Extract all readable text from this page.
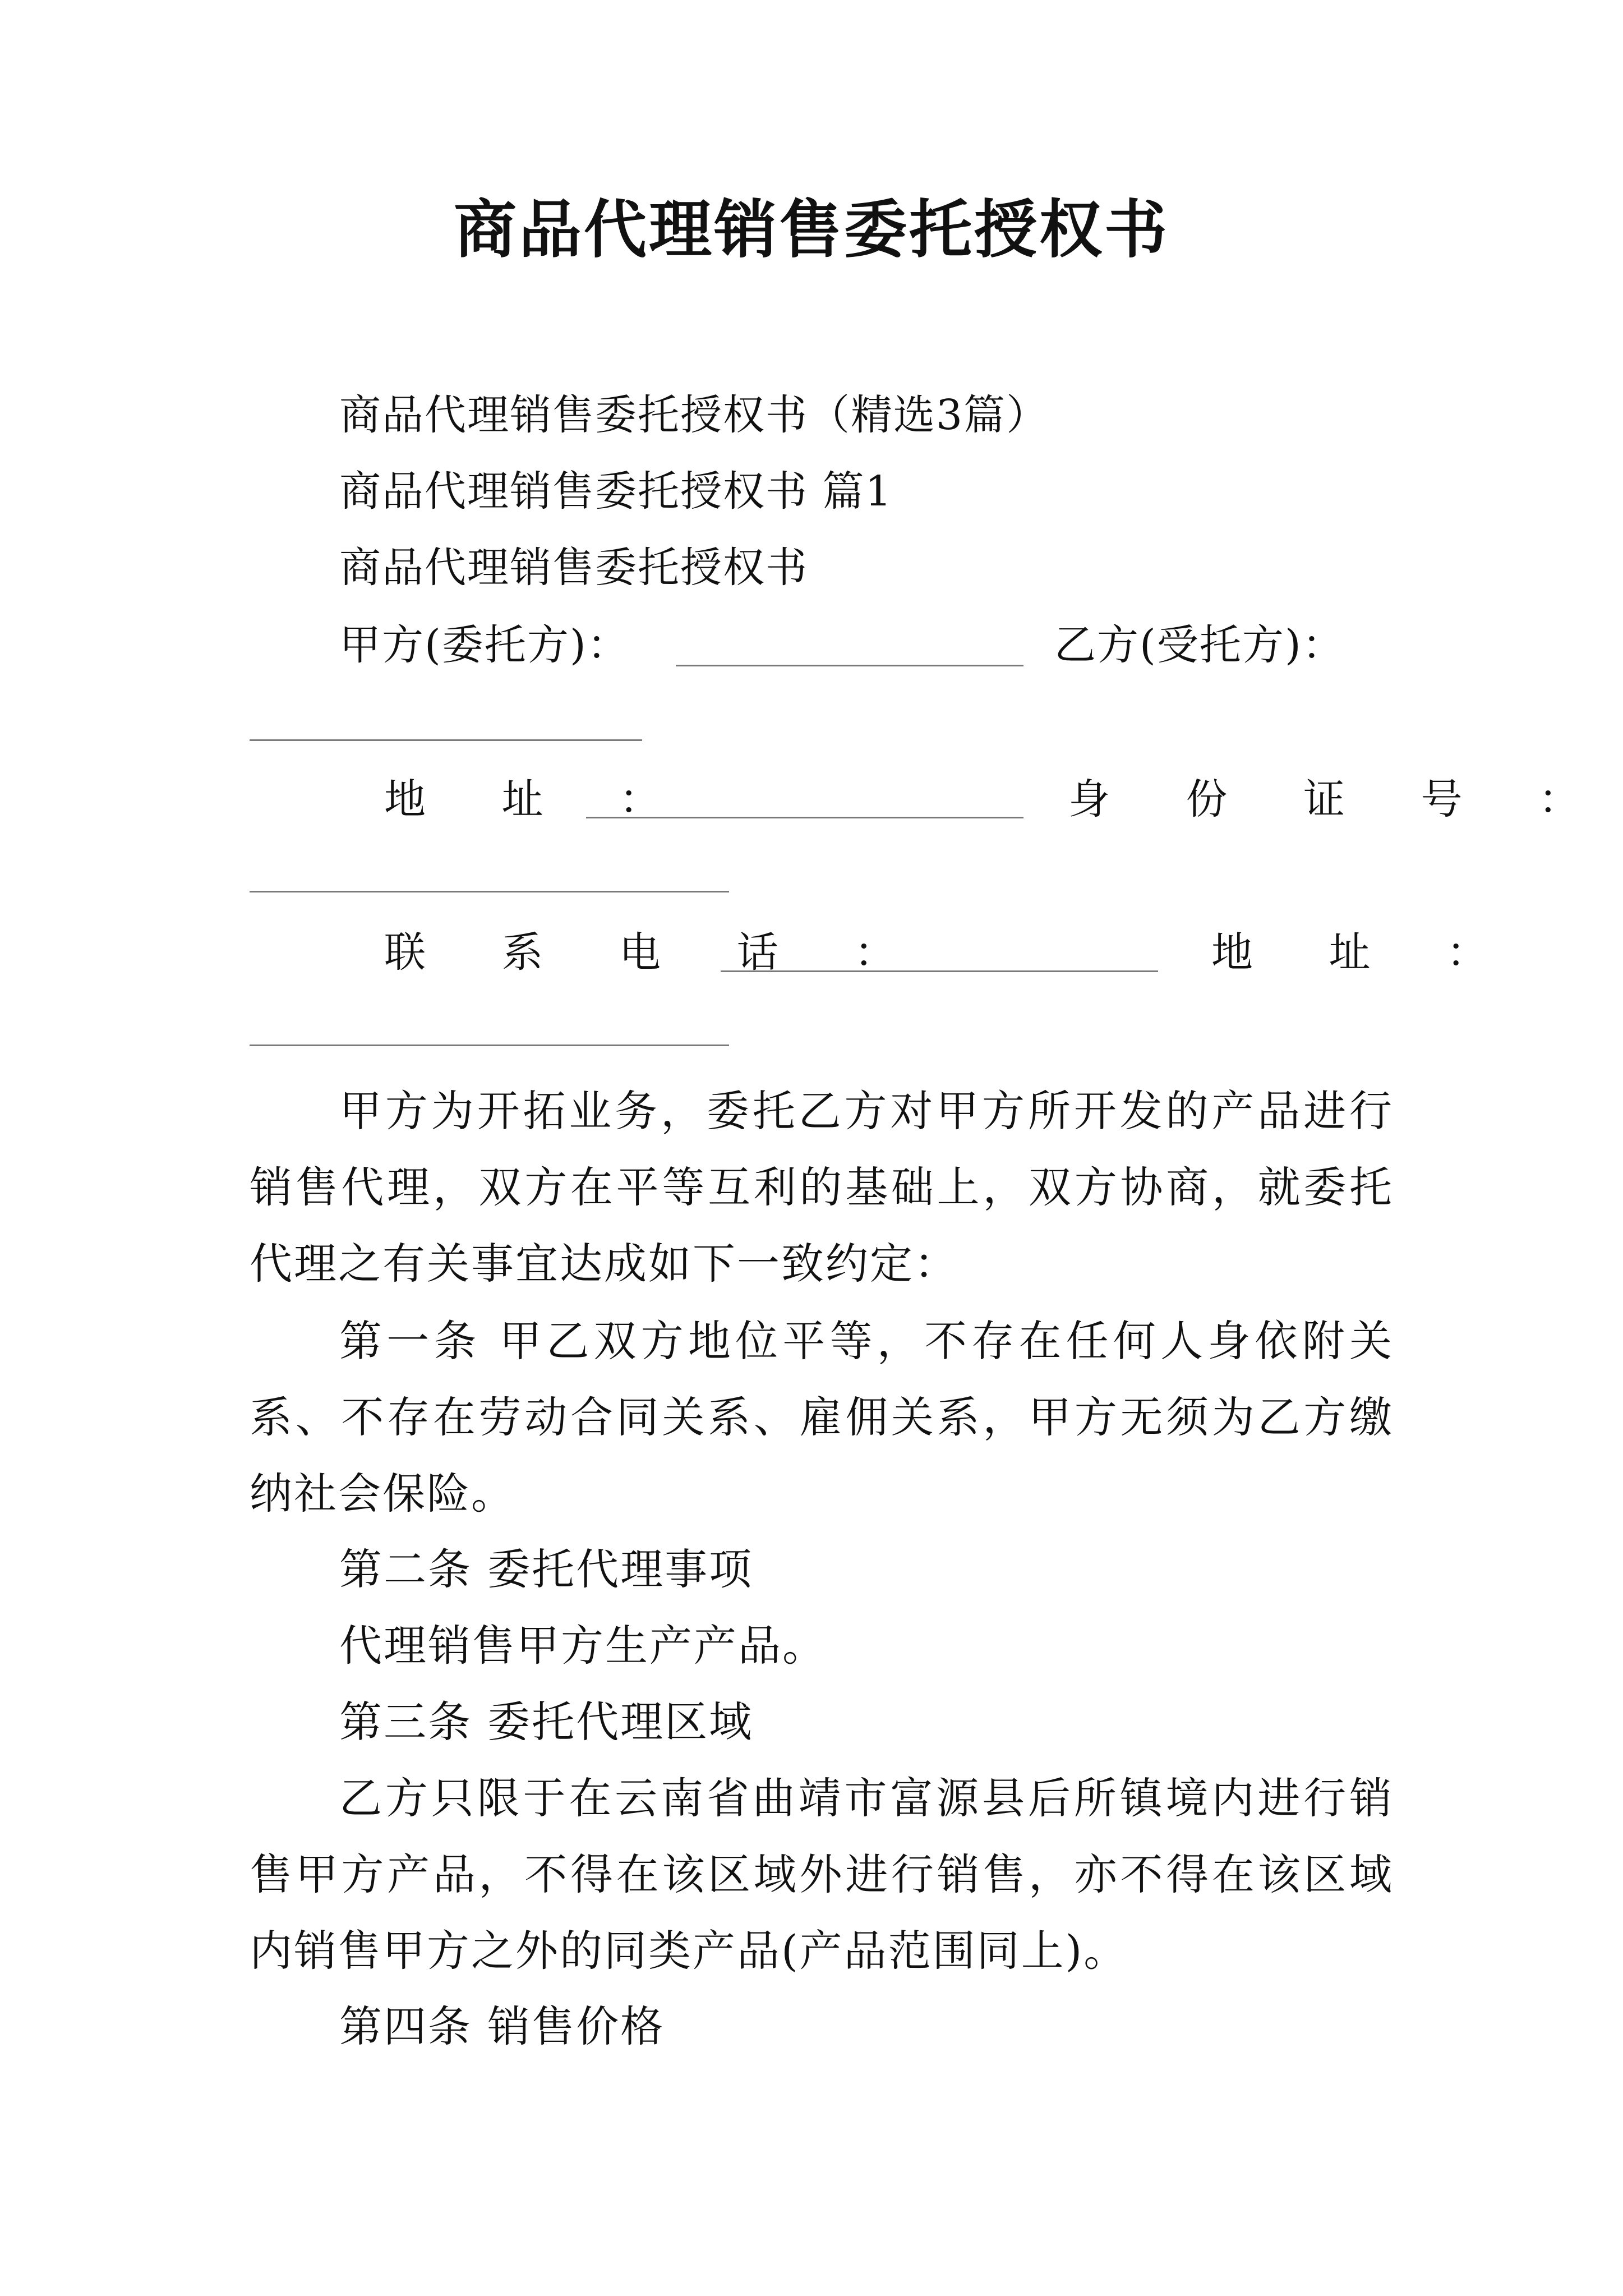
商品代理销售委托授权书
商品代理销售委托授权书（精选3篇）
商品代理销售委托授权书 篇1
商品代理销售委托授权书
甲方(委托方)：	乙方(受托方)：
地 址 ：	身 份 证 号 ：
联 系 电 话 ：	地 址 ：
甲方为开拓业务，委托乙方对甲方所开发的产品进行销售代理，双方在平等互利的基础上，双方协商，就委托代理之有关事宜达成如下一致约定：
第一条 甲乙双方地位平等，不存在任何人身依附关系、不存在劳动合同关系、雇佣关系，甲方无须为乙方缴纳社会保险。
第二条 委托代理事项
代理销售甲方生产产品。
第三条 委托代理区域
乙方只限于在云南省曲靖市富源县后所镇境内进行销售甲方产品，不得在该区域外进行销售，亦不得在该区域内销售甲方之外的同类产品(产品范围同上)。
第四条 销售价格
